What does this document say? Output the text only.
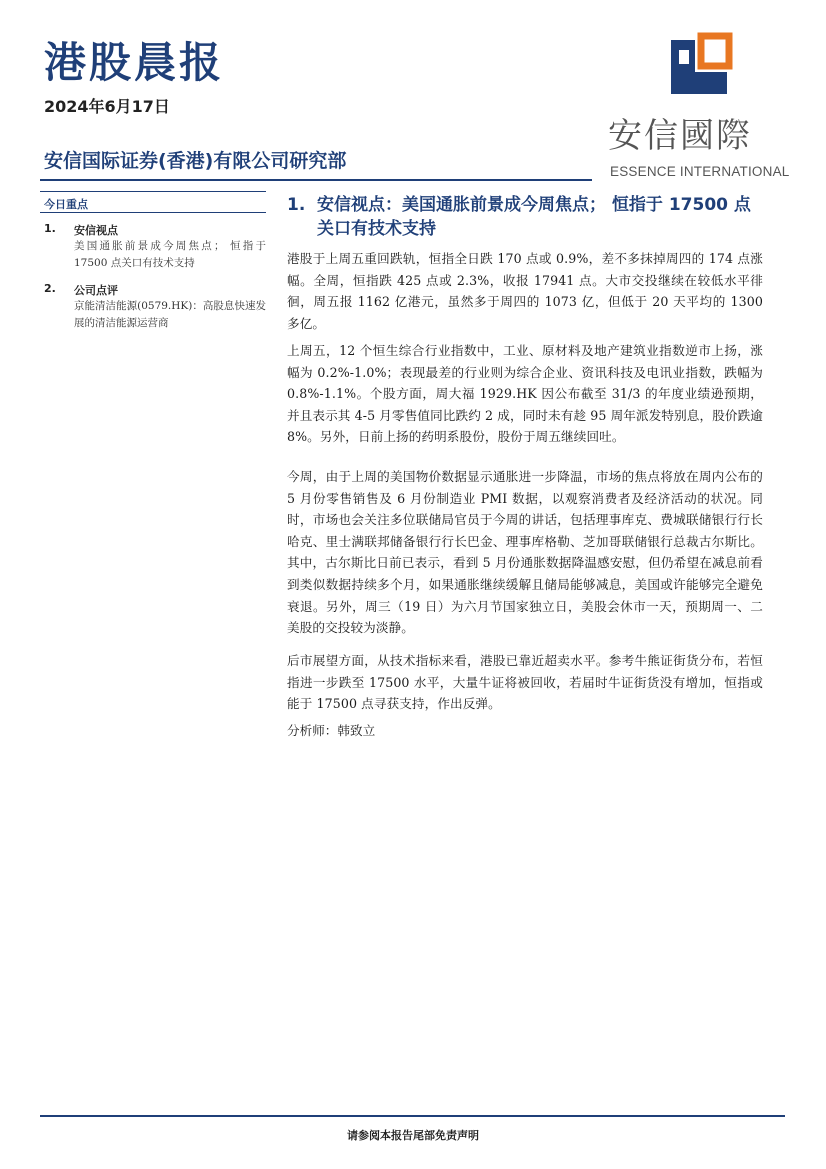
港股晨报
2024年6月17日
安信国际证券(香港)有限公司研究部
安信國際
ESSENCE INTERNATIONAL
今日重点
1. 安信视点
美国通胀前景成今周焦点； 恒指于 17500 点关口有技术支持
2. 公司点评
京能清洁能源(0579.HK)：高股息快速发展的清洁能源运营商
1. 安信视点：美国通胀前景成今周焦点； 恒指于 17500 点关口有技术支持
港股于上周五重回跌轨，恒指全日跌 170 点或 0.9%，差不多抹掉周四的 174 点涨幅。全周，恒指跌 425 点或 2.3%，收报 17941 点。大市交投继续在较低水平徘徊，周五报 1162 亿港元，虽然多于周四的 1073 亿，但低于 20 天平均的 1300 多亿。
上周五，12 个恒生综合行业指数中，工业、原材料及地产建筑业指数逆市上扬，涨幅为 0.2%-1.0%；表现最差的行业则为综合企业、资讯科技及电讯业指数，跌幅为 0.8%-1.1%。个股方面，周大福 1929.HK 因公布截至 31/3 的年度业绩逊预期，并且表示其 4-5 月零售值同比跌约 2 成，同时未有趁 95 周年派发特别息，股价跌逾 8%。另外，日前上扬的药明系股份，股份于周五继续回吐。
今周，由于上周的美国物价数据显示通胀进一步降温，市场的焦点将放在周内公布的 5 月份零售销售及 6 月份制造业 PMI 数据，以观察消费者及经济活动的状况。同时，市场也会关注多位联储局官员于今周的讲话，包括理事库克、费城联储银行行长哈克、里士满联邦储备银行行长巴金、理事库格勒、芝加哥联储银行总裁古尔斯比。其中，古尔斯比日前已表示，看到 5 月份通胀数据降温感安慰，但仍希望在减息前看到类似数据持续多个月，如果通胀继续缓解且储局能够减息，美国或许能够完全避免衰退。另外，周三（19 日）为六月节国家独立日，美股会休市一天，预期周一、二美股的交投较为淡静。
后市展望方面，从技术指标来看，港股已靠近超卖水平。参考牛熊证街货分布，若恒指进一步跌至 17500 水平，大量牛证将被回收，若届时牛证街货没有增加，恒指或能于 17500 点寻获支持，作出反弹。
分析师：韩致立
请参阅本报告尾部免责声明
